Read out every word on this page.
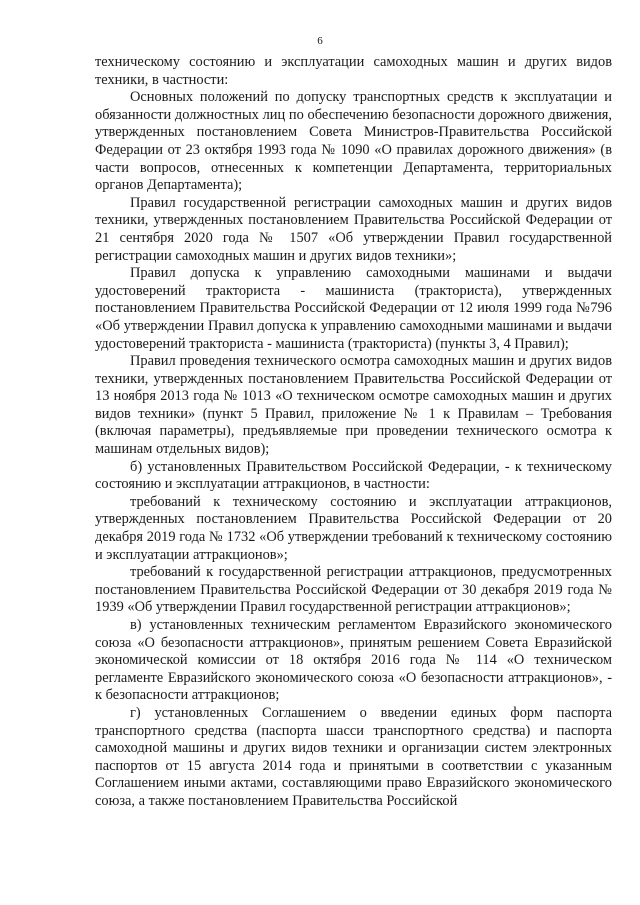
6

техническому состоянию и эксплуатации самоходных машин и других видов техники, в частности:

Основных положений по допуску транспортных средств к эксплуатации и обязанности должностных лиц по обеспечению безопасности дорожного движения, утвержденных постановлением Совета Министров-Правительства Российской Федерации от 23 октября 1993 года № 1090 «О правилах дорожного движения» (в части вопросов, отнесенных к компетенции Департамента, территориальных органов Департамента);

Правил государственной регистрации самоходных машин и других видов техники, утвержденных постановлением Правительства Российской Федерации от 21 сентября 2020 года № 1507 «Об утверждении Правил государственной регистрации самоходных машин и других видов техники»;

Правил допуска к управлению самоходными машинами и выдачи удостоверений тракториста - машиниста (тракториста), утвержденных постановлением Правительства Российской Федерации от 12 июля 1999 года №796 «Об утверждении Правил допуска к управлению самоходными машинами и выдачи удостоверений тракториста - машиниста (тракториста) (пункты 3, 4 Правил);

Правил проведения технического осмотра самоходных машин и других видов техники, утвержденных постановлением Правительства Российской Федерации от 13 ноября 2013 года № 1013 «О техническом осмотре самоходных машин и других видов техники» (пункт 5 Правил, приложение № 1 к Правилам – Требования (включая параметры), предъявляемые при проведении технического осмотра к машинам отдельных видов);

б) установленных Правительством Российской Федерации, - к техническому состоянию и эксплуатации аттракционов, в частности:

требований к техническому состоянию и эксплуатации аттракционов, утвержденных постановлением Правительства Российской Федерации от 20 декабря 2019 года № 1732 «Об утверждении требований к техническому состоянию и эксплуатации аттракционов»;

требований к государственной регистрации аттракционов, предусмотренных постановлением Правительства Российской Федерации от 30 декабря 2019 года № 1939 «Об утверждении Правил государственной регистрации аттракционов»;

в) установленных техническим регламентом Евразийского экономического союза «О безопасности аттракционов», принятым решением Совета Евразийской экономической комиссии от 18 октября 2016 года № 114 «О техническом регламенте Евразийского экономического союза «О безопасности аттракционов», - к безопасности аттракционов;

г) установленных Соглашением о введении единых форм паспорта транспортного средства (паспорта шасси транспортного средства) и паспорта самоходной машины и других видов техники и организации систем электронных паспортов от 15 августа 2014 года и принятыми в соответствии с указанным Соглашением иными актами, составляющими право Евразийского экономического союза, а также постановлением Правительства Российской
